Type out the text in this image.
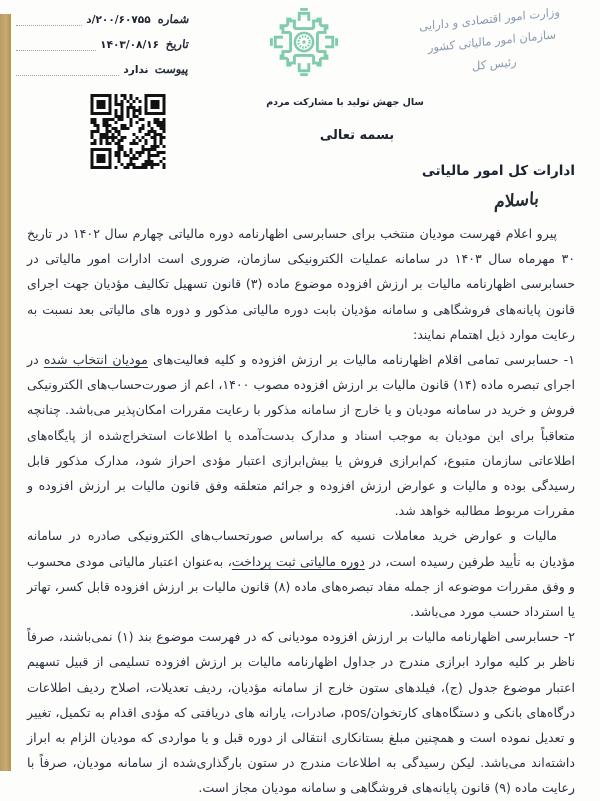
شماره
۲۰۰/۶۰۷۵۵/د
تاریخ
۱۴۰۳/۰۸/۱۶
پیوست
ندارد
وزارت امور اقتصادی و دارایی
سازمان امور مالیاتی کشور
رئیس کل
سال جهش تولید با مشارکت مردم
بسمه تعالی
ادارات کل امور مالیاتی
باسلام

پیرو اعلام فهرست مودیان منتخب برای حسابرسی اظهارنامه دوره مالیاتی چهارم سال ۱۴۰۲ در تاریخ ۳۰ مهرماه سال ۱۴۰۳ در سامانه عملیات الکترونیکی سازمان، ضروری است ادارات امور مالیاتی در حسابرسی اظهارنامه مالیات بر ارزش افزوده موضوع ماده (۳) قانون تسهیل تکالیف مؤدیان جهت اجرای قانون پایانه‌های فروشگاهی و سامانه مؤدیان بابت دوره مالیاتی مذکور و دوره های مالیاتی بعد نسبت به رعایت موارد ذیل اهتمام نمایند:

۱- حسابرسی تمامی اقلام اظهارنامه مالیات بر ارزش افزوده و کلیه فعالیت‌های مودیان انتخاب شده در اجرای تبصره ماده (۱۴) قانون مالیات بر ارزش افزوده مصوب ۱۴۰۰، اعم از صورت‌حساب‌های الکترونیکی فروش و خرید در سامانه مودیان و یا خارج از سامانه مذکور با رعایت مقررات امکان‌پذیر می‌باشد. چنانچه متعاقباً برای این مودیان به موجب اسناد و مدارک بدست‌آمده یا اطلاعات استخراج‌شده از پایگاه‌های اطلاعاتی سازمان متبوع، کم‌ابرازی فروش یا بیش‌ابرازی اعتبار مؤدی احراز شود، مدارک مذکور قابل رسیدگی بوده و مالیات و عوارض ارزش افزوده و جرائم متعلقه وفق قانون مالیات بر ارزش افزوده و مقررات مربوط مطالبه خواهد شد.

مالیات و عوارض خرید معاملات نسیه که براساس صورتحساب‌های الکترونیکی صادره در سامانه مؤدیان به تأیید طرفین رسیده است، در دوره مالیاتی ثبت پرداخت، به‌عنوان اعتبار مالیاتی مودی محسوب و وفق مقررات موضوعه از جمله مفاد تبصره‌های ماده (۸) قانون مالیات بر ارزش افزوده قابل کسر، تهاتر یا استرداد حسب مورد می‌باشد.

۲- حسابرسی اظهارنامه مالیات بر ارزش افزوده مودیانی که در فهرست موضوع بند (۱) نمی‌باشند، صرفاً ناظر بر کلیه موارد ابرازی مندرج در جداول اظهارنامه مالیات بر ارزش افزوده تسلیمی از قبیل تسهیم اعتبار موضوع جدول (ج)، فیلدهای ستون خارج از سامانه مؤدیان، ردیف تعدیلات، اصلاح ردیف اطلاعات درگاه‌های بانکی و دستگاه‌های کارتخوان/pos، صادرات، یارانه های دریافتی که مؤدی اقدام به تکمیل، تغییر و تعدیل نموده است و همچنین مبلغ بستانکاری انتقالی از دوره قبل و یا مواردی که مودیان الزام به ابراز داشته‌اند می‌باشد. لیکن رسیدگی به اطلاعات مندرج در ستون بارگذاری‌شده از سامانه مودیان، صرفاً با رعایت ماده (۹) قانون پایانه‌های فروشگاهی و سامانه مودیان مجاز است.
